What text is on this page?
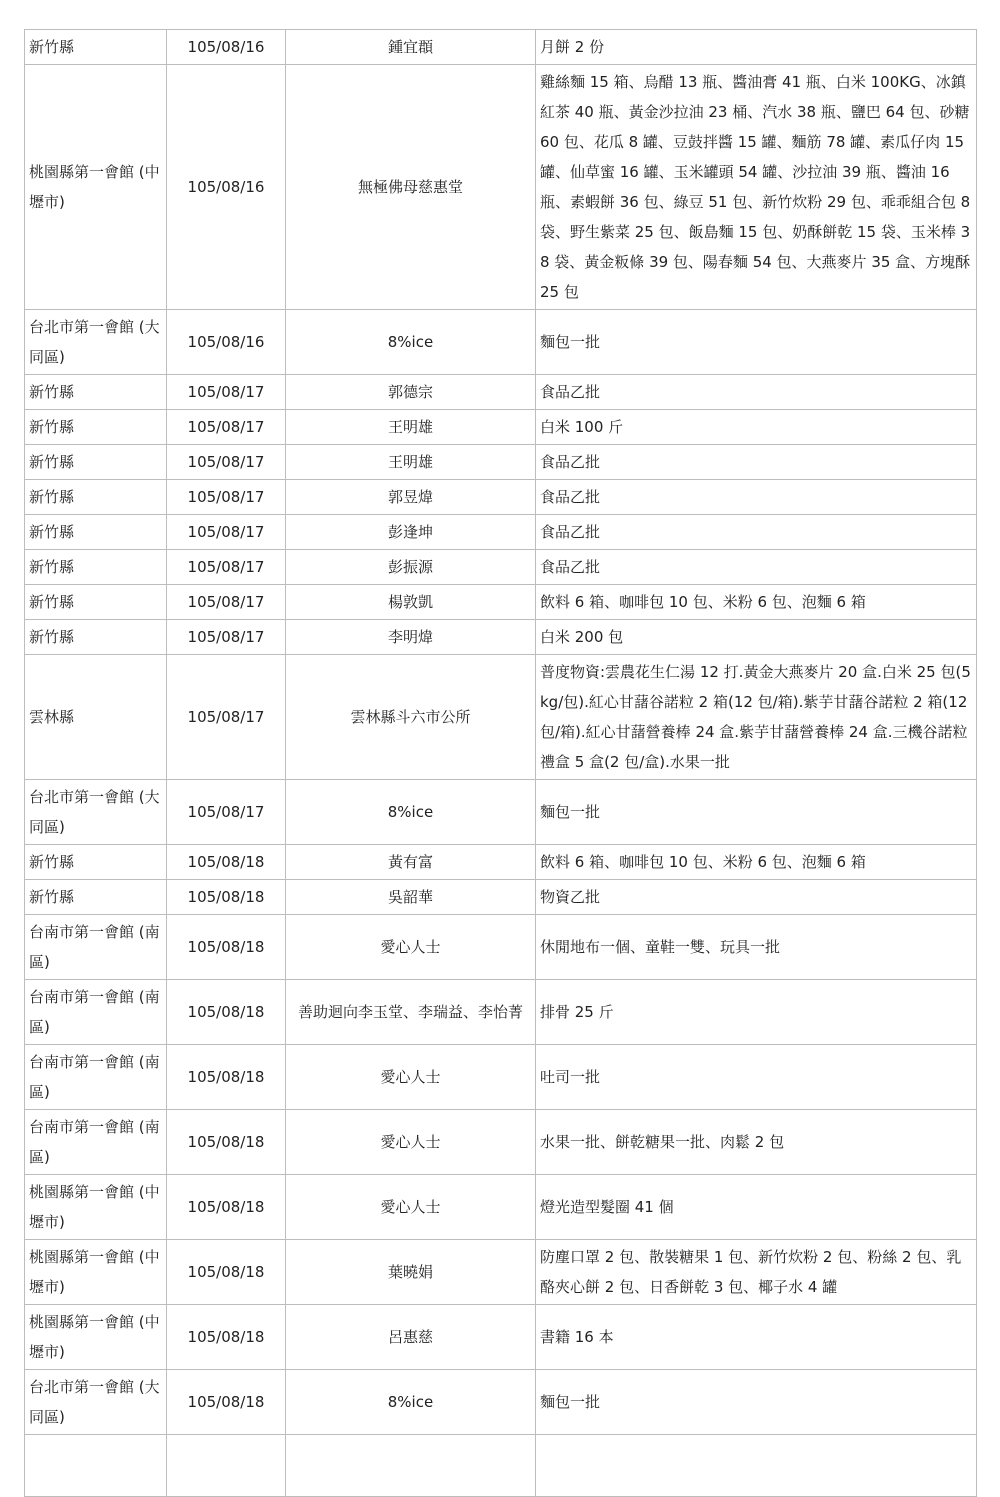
新竹縣	105/08/16	鍾宜頵	月餅 2 份
桃園縣第一會館 (中壢市)	105/08/16	無極佛母慈惠堂	雞絲麵 15 箱、烏醋 13 瓶、醬油膏 41 瓶、白米 100KG、冰鎮紅茶 40 瓶、黃金沙拉油 23 桶、汽水 38 瓶、鹽巴 64 包、砂糖 60 包、花瓜 8 罐、豆鼓拌醬 15 罐、麵筋 78 罐、素瓜仔肉 15 罐、仙草蜜 16 罐、玉米罐頭 54 罐、沙拉油 39 瓶、醬油 16 瓶、素蝦餅 36 包、綠豆 51 包、新竹炊粉 29 包、乖乖組合包 8 袋、野生紫菜 25 包、飯島麵 15 包、奶酥餅乾 15 袋、玉米棒 38 袋、黃金粄條 39 包、陽春麵 54 包、大燕麥片 35 盒、方塊酥 25 包
台北市第一會館 (大同區)	105/08/16	8%ice	麵包一批
新竹縣	105/08/17	郭德宗	食品乙批
新竹縣	105/08/17	王明雄	白米 100 斤
新竹縣	105/08/17	王明雄	食品乙批
新竹縣	105/08/17	郭昱煒	食品乙批
新竹縣	105/08/17	彭逢坤	食品乙批
新竹縣	105/08/17	彭振源	食品乙批
新竹縣	105/08/17	楊敦凱	飲料 6 箱、咖啡包 10 包、米粉 6 包、泡麵 6 箱
新竹縣	105/08/17	李明煒	白米 200 包
雲林縣	105/08/17	雲林縣斗六市公所	普度物資:雲農花生仁湯 12 打.黃金大燕麥片 20 盒.白米 25 包(5kg/包).紅心甘藷谷諾粒 2 箱(12 包/箱).紫芋甘藷谷諾粒 2 箱(12 包/箱).紅心甘藷營養棒 24 盒.紫芋甘藷營養棒 24 盒.三機谷諾粒禮盒 5 盒(2 包/盒).水果一批
台北市第一會館 (大同區)	105/08/17	8%ice	麵包一批
新竹縣	105/08/18	黃有富	飲料 6 箱、咖啡包 10 包、米粉 6 包、泡麵 6 箱
新竹縣	105/08/18	吳韶華	物資乙批
台南市第一會館 (南區)	105/08/18	愛心人士	休閒地布一個、童鞋一雙、玩具一批
台南市第一會館 (南區)	105/08/18	善助迴向李玉堂、李瑞益、李怡菁	排骨 25 斤
台南市第一會館 (南區)	105/08/18	愛心人士	吐司一批
台南市第一會館 (南區)	105/08/18	愛心人士	水果一批、餅乾糖果一批、肉鬆 2 包
桃園縣第一會館 (中壢市)	105/08/18	愛心人士	燈光造型髮圈 41 個
桃園縣第一會館 (中壢市)	105/08/18	葉曉娟	防塵口罩 2 包、散裝糖果 1 包、新竹炊粉 2 包、粉絲 2 包、乳酪夾心餅 2 包、日香餅乾 3 包、椰子水 4 罐
桃園縣第一會館 (中壢市)	105/08/18	呂惠慈	書籍 16 本
台北市第一會館 (大同區)	105/08/18	8%ice	麵包一批
